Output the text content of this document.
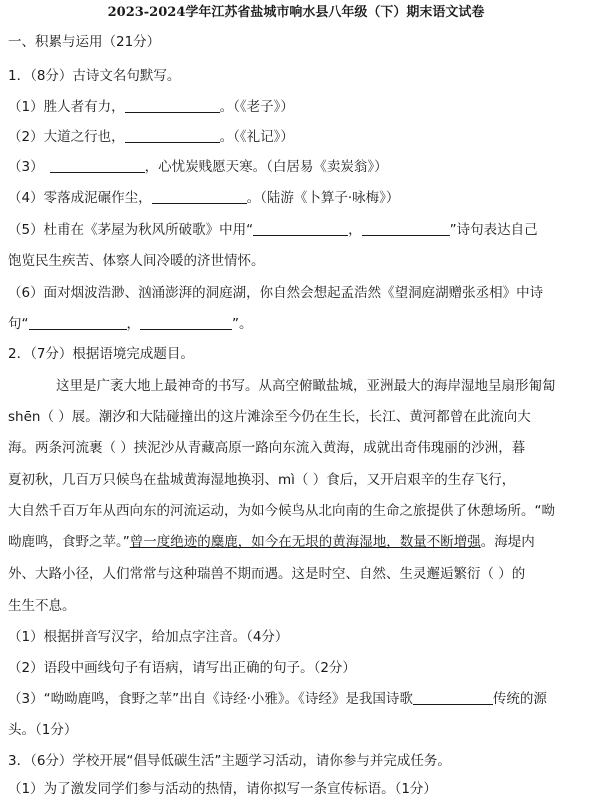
2023-2024学年江苏省盐城市响水县八年级（下）期末语文试卷
一、积累与运用（21分）
1．（8分）古诗文名句默写。
（1）胜人者有力，	。（《老子》）
（2）大道之行也，	。（《礼记》）
（3）	，心忧炭贱愿天寒。（白居易《卖炭翁》）
（4）零落成泥碾作尘，	。（陆游《卜算子·咏梅》）
（5）杜甫在《茅屋为秋风所破歌》中用“	，	”诗句表达自己
饱览民生疾苦、体察人间冷暖的济世情怀。
（6）面对烟波浩渺、汹涌澎湃的洞庭湖，你自然会想起孟浩然《望洞庭湖赠张丞相》中诗
句“	，	”。
2．（7分）根据语境完成题目。
这里是广袤大地上最神奇的书写。从高空俯瞰盐城，亚洲最大的海岸湿地呈扇形匍匐
shēn（ ）展。潮汐和大陆碰撞出的这片滩涂至今仍在生长，长江、黄河都曾在此流向大
海。两条河流裹（ ）挟泥沙从青藏高原一路向东流入黄海，成就出奇伟瑰丽的沙洲，暮
夏初秋，几百万只候鸟在盐城黄海湿地换羽、mì（ ）食后，又开启艰辛的生存飞行，
大自然千百万年从西向东的河流运动，为如今候鸟从北向南的生命之旅提供了休憩场所。“呦
呦鹿鸣，食野之苹。”曾一度绝迹的麋鹿，如今在无垠的黄海湿地，数量不断增强。海堤内
外、大路小径，人们常常与这种瑞兽不期而遇。这是时空、自然、生灵邂逅繁衍（ ）的
生生不息。
（1）根据拼音写汉字，给加点字注音。（4分）
（2）语段中画线句子有语病，请写出正确的句子。（2分）
（3）“呦呦鹿鸣，食野之苹”出自《诗经·小雅》。《诗经》是我国诗歌	传统的源
头。（1分）
3．（6分）学校开展“倡导低碳生活”主题学习活动，请你参与并完成任务。
（1）为了激发同学们参与活动的热情，请你拟写一条宣传标语。（1分）
